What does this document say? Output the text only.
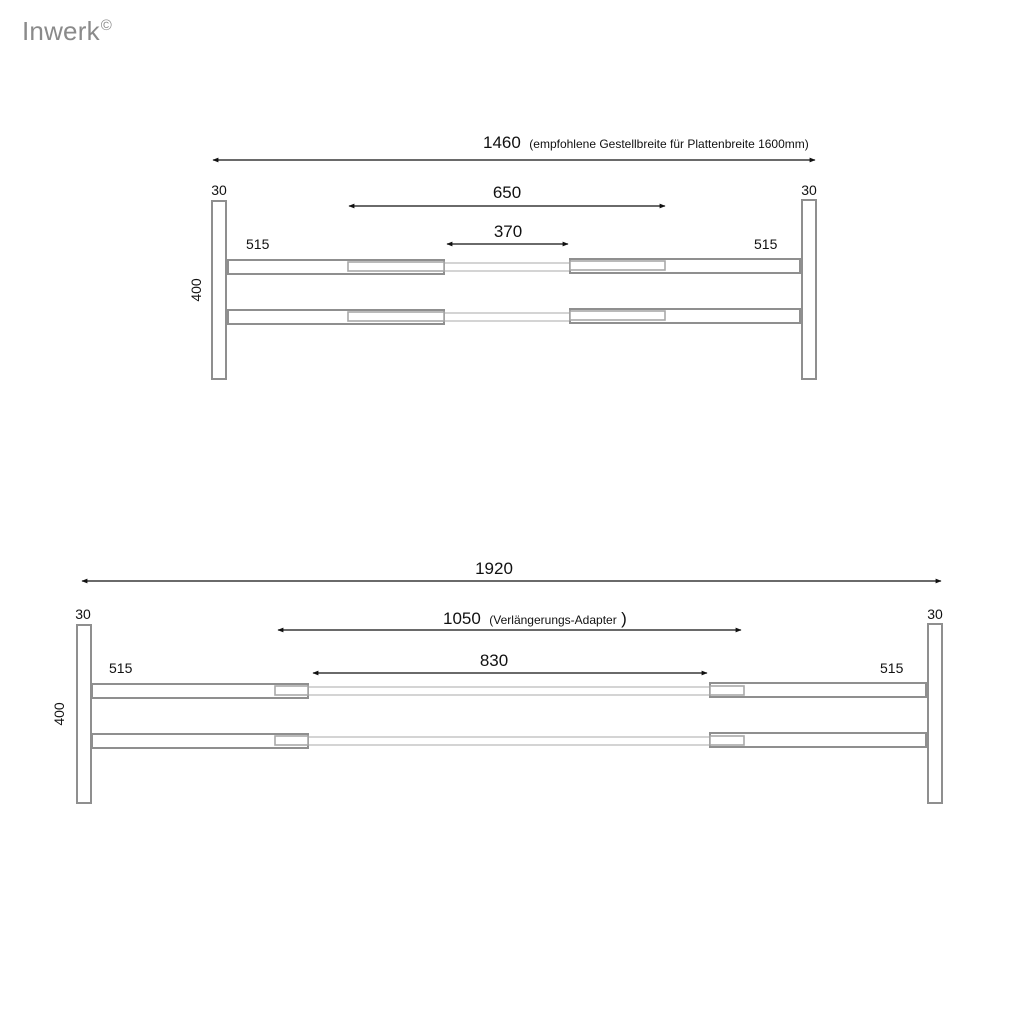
Inwerk©
1460 (empfohlene Gestellbreite für Plattenbreite 1600mm)
650
370
30	30
515	515
400
1920
1050 (Verlängerungs-Adapter )
830
30	30
515	515
400
